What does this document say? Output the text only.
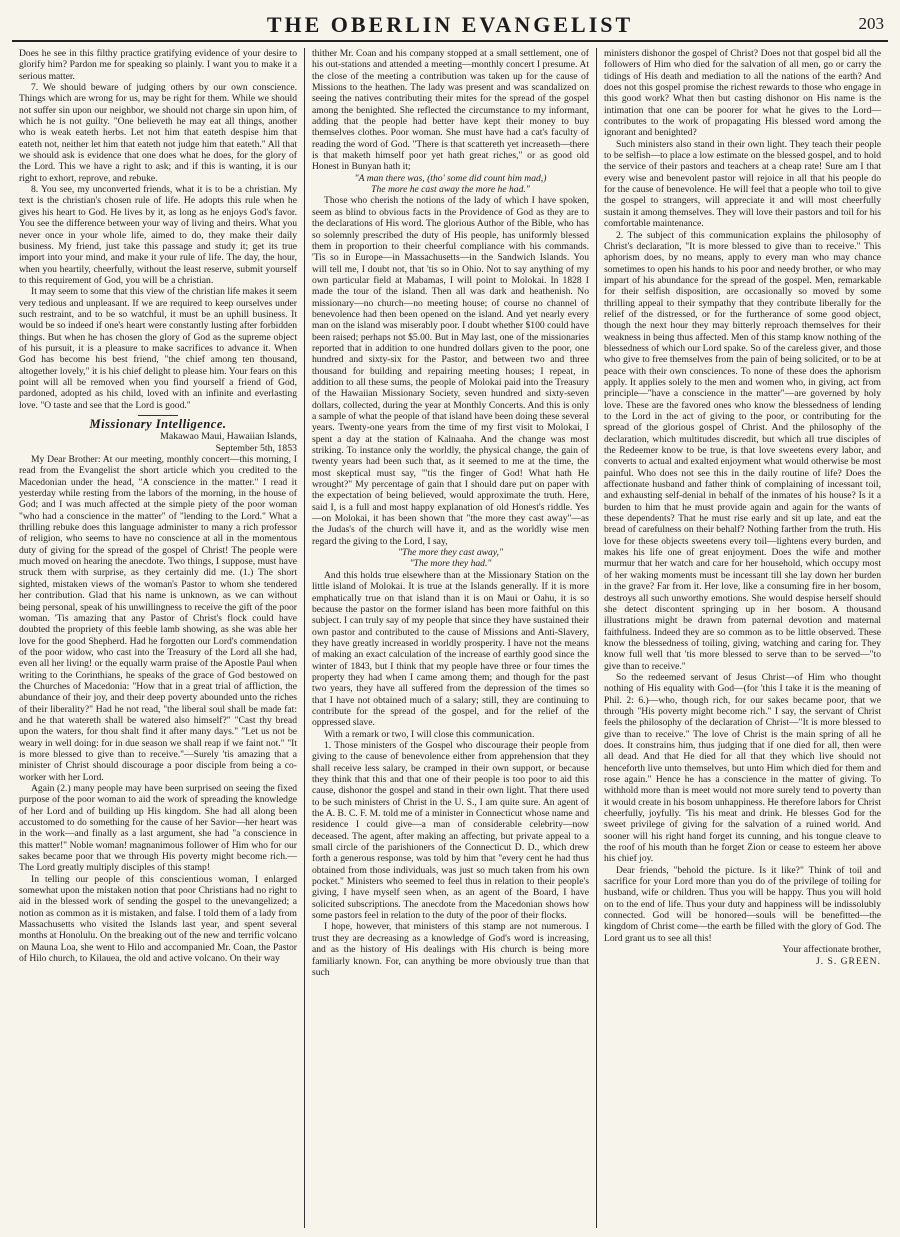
THE OBERLIN EVANGELIST	203

Does he see in this filthy practice gratifying evidence of your desire to glorify him? Pardon me for speaking so plainly. I want you to make it a serious matter.

7. We should beware of judging others by our own conscience. Things which are wrong for us, may be right for them. While we should not suffer sin upon our neighbor, we should not charge sin upon him, of which he is not guilty. "One believeth he may eat all things, another who is weak eateth herbs. Let not him that eateth despise him that eateth not, neither let him that eateth not judge him that eateth." All that we should ask is evidence that one does what he does, for the glory of the Lord. This we have a right to ask; and if this is wanting, it is our right to exhort, reprove, and rebuke.

8. You see, my unconverted friends, what it is to be a christian. My text is the christian's chosen rule of life. He adopts this rule when he gives his heart to God. He lives by it, as long as he enjoys God's favor. You see the difference between your way of living and theirs. What you never once in your whole life, aimed to do, they make their daily business. My friend, just take this passage and study it; get its true import into your mind, and make it your rule of life. The day, the hour, when you heartily, cheerfully, without the least reserve, submit yourself to this requirement of God, you will be a christian.

It may seem to some that this view of the christian life makes it seem very tedious and unpleasant. If we are required to keep ourselves under such restraint, and to be so watchful, it must be an uphill business. It would be so indeed if one's heart were constantly lusting after forbidden things. But when he has chosen the glory of God as the supreme object of his pursuit, it is a pleasure to make sacrifices to advance it. When God has become his best friend, "the chief among ten thousand, altogether lovely," it is his chief delight to please him. Your fears on this point will all be removed when you find yourself a friend of God, pardoned, adopted as his child, loved with an infinite and everlasting love. "O taste and see that the Lord is good."

Missionary Intelligence.
Makawao Maui, Hawaiian Islands,
September 5th, 1853

My Dear Brother: At our meeting, monthly concert—this morning, I read from the Evangelist the short article which you credited to the Macedonian under the head, "A conscience in the matter." I read it yesterday while resting from the labors of the morning, in the house of God; and I was much affected at the simple piety of the poor woman "who had a conscience in the matter" of "lending to the Lord." What a thrilling rebuke does this language administer to many a rich professor of religion, who seems to have no conscience at all in the momentous duty of giving for the spread of the gospel of Christ! The people were much moved on hearing the anecdote. Two things, I suppose, must have struck them with surprise, as they certainly did me. (1.) The short sighted, mistaken views of the woman's Pastor to whom she tendered her contribution. Glad that his name is unknown, as we can without being personal, speak of his unwillingness to receive the gift of the poor woman. 'Tis amazing that any Pastor of Christ's flock could have doubted the propriety of this feeble lamb showing, as she was able her love for the good Shepherd. Had he forgotten our Lord's commendation of the poor widow, who cast into the Treasury of the Lord all she had, even all her living! or the equally warm praise of the Apostle Paul when writing to the Corinthians, he speaks of the grace of God bestowed on the Churches of Macedonia: "How that in a great trial of affliction, the abundance of their joy, and their deep poverty abounded unto the riches of their liberality?" Had he not read, "the liberal soul shall be made fat: and he that watereth shall be watered also himself?" "Cast thy bread upon the waters, for thou shalt find it after many days." "Let us not be weary in well doing: for in due season we shall reap if we faint not." "It is more blessed to give than to receive."—Surely 'tis amazing that a minister of Christ should discourage a poor disciple from being a co-worker with her Lord.

Again (2.) many people may have been surprised on seeing the fixed purpose of the poor woman to aid the work of spreading the knowledge of her Lord and of building up His kingdom. She had all along been accustomed to do something for the cause of her Savior—her heart was in the work—and finally as a last argument, she had "a conscience in this matter!" Noble woman! magnanimous follower of Him who for our sakes became poor that we through His poverty might become rich.—The Lord greatly multiply disciples of this stamp!

In telling our people of this conscientious woman, I enlarged somewhat upon the mistaken notion that poor Christians had no right to aid in the blessed work of sending the gospel to the unevangelized; a notion as common as it is mistaken, and false. I told them of a lady from Massachusetts who visited the Islands last year, and spent several months at Honolulu. On the breaking out of the new and terrific volcano on Mauna Loa, she went to Hilo and accompanied Mr. Coan, the Pastor of Hilo church, to Kilauea, the old and active volcano. On their way

thither Mr. Coan and his company stopped at a small settlement, one of his out-stations and attended a meeting—monthly concert I presume. At the close of the meeting a contribution was taken up for the cause of Missions to the heathen. The lady was present and was scandalized on seeing the natives contributing their mites for the spread of the gospel among the benighted. She reflected the circumstance to my informant, adding that the people had better have kept their money to buy themselves clothes. Poor woman. She must have had a cat's faculty of reading the word of God. "There is that scattereth yet increaseth—there is that maketh himself poor yet hath great riches," or as good old Honest in Bunyan hath it;

"A man there was, (tho' some did count him mad,)

The more he cast away the more he had."

Those who cherish the notions of the lady of which I have spoken, seem as blind to obvious facts in the Providence of God as they are to the declarations of His word. The glorious Author of the Bible, who has so solemnly prescribed the duty of His people, has uniformly blessed them in proportion to their cheerful compliance with his commands. 'Tis so in Europe—in Massachusetts—in the Sandwich Islands. You will tell me, I doubt not, that 'tis so in Ohio. Not to say anything of my own particular field at Mabamas, I will point to Molokai. In 1828 I made the tour of the island. Then all was dark and heathenish. No missionary—no church—no meeting house; of course no channel of benevolence had then been opened on the island. And yet nearly every man on the island was miserably poor. I doubt whether $100 could have been raised; perhaps not $5.00. But in May last, one of the missionaries reported that in addition to one hundred dollars given to the poor, one hundred and sixty-six for the Pastor, and between two and three thousand for building and repairing meeting houses; I repeat, in addition to all these sums, the people of Molokai paid into the Treasury of the Hawaiian Missionary Society, seven hundred and sixty-seven dollars, collected, during the year at Monthly Concerts. And this is only a sample of what the people of that island have been doing these several years. Twenty-one years from the time of my first visit to Molokai, I spent a day at the station of Kalnaaha. And the change was most striking. To instance only the worldly, the physical change, the gain of twenty years had been such that, as it seemed to me at the time, the most skeptical must say, "'tis the finger of God! What hath He wrought?" My percentage of gain that I should dare put on paper with the expectation of being believed, would approximate the truth. Here, said I, is a full and most happy explanation of old Honest's riddle. Yes—on Molokai, it has been shown that "the more they cast away"—as the Judas's of the church will have it, and as the worldly wise men regard the giving to the Lord, I say,

"The more they cast away,"

"The more they had."

And this holds true elsewhere than at the Missionary Station on the little island of Molokai. It is true at the Islands generally. If it is more emphatically true on that island than it is on Maui or Oahu, it is so because the pastor on the former island has been more faithful on this subject. I can truly say of my people that since they have sustained their own pastor and contributed to the cause of Missions and Anti-Slavery, they have greatly increased in worldly prosperity. I have not the means of making an exact calculation of the increase of earthly good since the winter of 1843, but I think that my people have three or four times the property they had when I came among them; and though for the past two years, they have all suffered from the depression of the times so that I have not obtained much of a salary; still, they are continuing to contribute for the spread of the gospel, and for the relief of the oppressed slave.

With a remark or two, I will close this communication.

1. Those ministers of the Gospel who discourage their people from giving to the cause of benevolence either from apprehension that they shall receive less salary, be cramped in their own support, or because they think that this and that one of their people is too poor to aid this cause, dishonor the gospel and stand in their own light. That there used to be such ministers of Christ in the U. S., I am quite sure. An agent of the A. B. C. F. M. told me of a minister in Connecticut whose name and residence I could give—a man of considerable celebrity—now deceased. The agent, after making an affecting, but private appeal to a small circle of the parishioners of the Connecticut D. D., which drew forth a generous response, was told by him that "every cent he had thus obtained from those individuals, was just so much taken from his own pocket." Ministers who seemed to feel thus in relation to their people's giving, I have myself seen when, as an agent of the Board, I have solicited subscriptions. The anecdote from the Macedonian shows how some pastors feel in relation to the duty of the poor of their flocks.

I hope, however, that ministers of this stamp are not numerous. I trust they are decreasing as a knowledge of God's word is increasing, and as the history of His dealings with His church is being more familiarly known. For, can anything be more obviously true than that such

ministers dishonor the gospel of Christ? Does not that gospel bid all the followers of Him who died for the salvation of all men, go or carry the tidings of His death and mediation to all the nations of the earth? And does not this gospel promise the richest rewards to those who engage in this good work? What then but casting dishonor on His name is the intimation that one can be poorer for what he gives to the Lord—contributes to the work of propagating His blessed word among the ignorant and benighted?

Such ministers also stand in their own light. They teach their people to be selfish—to place a low estimate on the blessed gospel, and to hold the service of their pastors and teachers at a cheap rate! Sure am I that every wise and benevolent pastor will rejoice in all that his people do for the cause of benevolence. He will feel that a people who toil to give the gospel to strangers, will appreciate it and will most cheerfully sustain it among themselves. They will love their pastors and toil for his comfortable maintenance.

2. The subject of this communication explains the philosophy of Christ's declaration, "It is more blessed to give than to receive." This aphorism does, by no means, apply to every man who may chance sometimes to open his hands to his poor and needy brother, or who may impart of his abundance for the spread of the gospel. Men, remarkable for their selfish disposition, are occasionally so moved by some thrilling appeal to their sympathy that they contribute liberally for the relief of the distressed, or for the furtherance of some good object, though the next hour they may bitterly reproach themselves for their weakness in being thus affected. Men of this stamp know nothing of the blessedness of which our Lord spake. So of the careless giver, and those who give to free themselves from the pain of being solicited, or to be at peace with their own consciences. To none of these does the aphorism apply. It applies solely to the men and women who, in giving, act from principle—"have a conscience in the matter"—are governed by holy love. These are the favored ones who know the blessedness of lending to the Lord in the act of giving to the poor, or contributing for the spread of the glorious gospel of Christ. And the philosophy of the declaration, which multitudes discredit, but which all true disciples of the Redeemer know to be true, is that love sweetens every labor, and converts to actual and exalted enjoyment what would otherwise be most painful. Who does not see this in the daily routine of life? Does the affectionate husband and father think of complaining of incessant toil, and exhausting self-denial in behalf of the inmates of his house? Is it a burden to him that he must provide again and again for the wants of these dependents? That he must rise early and sit up late, and eat the bread of carefulness on their behalf? Nothing farther from the truth. His love for these objects sweetens every toil—lightens every burden, and makes his life one of great enjoyment. Does the wife and mother murmur that her watch and care for her household, which occupy most of her waking moments must be incessant till she lay down her burden in the grave? Far from it. Her love, like a consuming fire in her bosom, destroys all such unworthy emotions. She would despise herself should she detect discontent springing up in her bosom. A thousand illustrations might be drawn from paternal devotion and maternal faithfulness. Indeed they are so common as to be little observed. These know the blessedness of toiling, giving, watching and caring for. They know full well that 'tis more blessed to serve than to be served—"to give than to receive."

So the redeemed servant of Jesus Christ—of Him who thought nothing of His equality with God—(for 'this I take it is the meaning of Phil. 2: 6.)—who, though rich, for our sakes became poor, that we through "His poverty might become rich." I say, the servant of Christ feels the philosophy of the declaration of Christ—"It is more blessed to give than to receive." The love of Christ is the main spring of all he does. It constrains him, thus judging that if one died for all, then were all dead. And that He died for all that they which live should not henceforth live unto themselves, but unto Him which died for them and rose again." Hence he has a conscience in the matter of giving. To withhold more than is meet would not more surely tend to poverty than it would create in his bosom unhappiness. He therefore labors for Christ cheerfully, joyfully. 'Tis his meat and drink. He blesses God for the sweet privilege of giving for the salvation of a ruined world. And sooner will his right hand forget its cunning, and his tongue cleave to the roof of his mouth than he forget Zion or cease to esteem her above his chief joy.

Dear friends, "behold the picture. Is it like?" Think of toil and sacrifice for your Lord more than you do of the privilege of toiling for husband, wife or children. Thus you will be happy. Thus you will hold on to the end of life. Thus your duty and happiness will be indissolubly connected. God will be honored—souls will be benefitted—the kingdom of Christ come—the earth be filled with the glory of God. The Lord grant us to see all this!

Your affectionate brother,

J. S. GREEN.
